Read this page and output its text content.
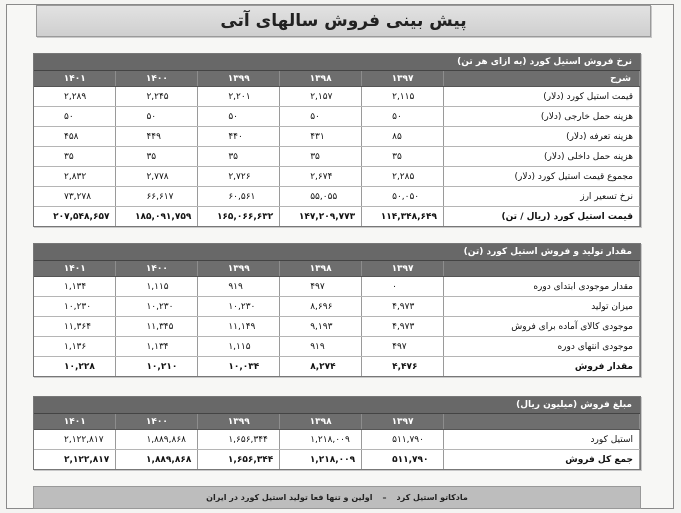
پیش بینی فروش سالهای آتی
نرخ فروش استیل کورد (به ازای هر تن)
شرح	۱۳۹۷	۱۳۹۸	۱۳۹۹	۱۴۰۰	۱۴۰۱
قیمت استیل کورد (دلار)	۲,۱۱۵	۲,۱۵۷	۲,۲۰۱	۲,۲۴۵	۲,۲۸۹
هزینه حمل خارجی (دلار)	۵۰	۵۰	۵۰	۵۰	۵۰
هزینه تعرفه (دلار)	۸۵	۴۳۱	۴۴۰	۴۴۹	۴۵۸
هزینه حمل داخلی (دلار)	۳۵	۳۵	۳۵	۳۵	۳۵
مجموع قیمت استیل کورد (دلار)	۲,۲۸۵	۲,۶۷۴	۲,۷۲۶	۲,۷۷۸	۲,۸۳۲
نرخ تسعیر ارز	۵۰,۰۵۰	۵۵,۰۵۵	۶۰,۵۶۱	۶۶,۶۱۷	۷۳,۲۷۸
قیمت استیل کورد (ریال / تن)	۱۱۴,۳۴۸,۶۴۹	۱۴۷,۲۰۹,۷۷۳	۱۶۵,۰۶۶,۶۳۲	۱۸۵,۰۹۱,۷۵۹	۲۰۷,۵۴۸,۶۵۷
مقدار تولید و فروش استیل کورد (تن)
	۱۳۹۷	۱۳۹۸	۱۳۹۹	۱۴۰۰	۱۴۰۱
مقدار موجودی ابتدای دوره	۰	۴۹۷	۹۱۹	۱,۱۱۵	۱,۱۳۴
میزان تولید	۴,۹۷۳	۸,۶۹۶	۱۰,۲۳۰	۱۰,۲۳۰	۱۰,۲۳۰
موجودی کالای آماده برای فروش	۴,۹۷۳	۹,۱۹۳	۱۱,۱۴۹	۱۱,۳۴۵	۱۱,۳۶۴
موجودی انتهای دوره	۴۹۷	۹۱۹	۱,۱۱۵	۱,۱۳۴	۱,۱۳۶
مقدار فروش	۴,۴۷۶	۸,۲۷۴	۱۰,۰۳۴	۱۰,۲۱۰	۱۰,۲۲۸
مبلغ فروش (میلیون ریال)
	۱۳۹۷	۱۳۹۸	۱۳۹۹	۱۴۰۰	۱۴۰۱
استیل کورد	۵۱۱,۷۹۰	۱,۲۱۸,۰۰۹	۱,۶۵۶,۳۴۴	۱,۸۸۹,۸۶۸	۲,۱۲۲,۸۱۷
جمع کل فروش	۵۱۱,۷۹۰	۱,۲۱۸,۰۰۹	۱,۶۵۶,۳۴۴	۱,۸۸۹,۸۶۸	۲,۱۲۲,۸۱۷
مادکاتو استیل کرد
–
اولین و تنها فعا تولید استیل کورد در ایران
